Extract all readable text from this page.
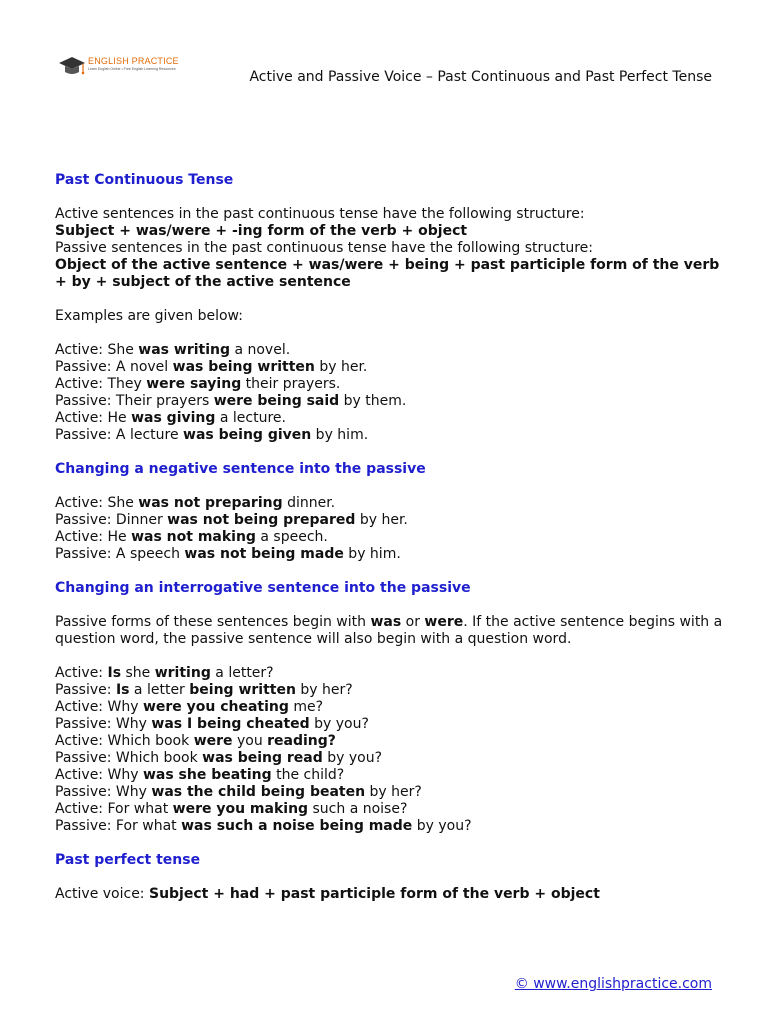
ENGLISH PRACTICE
Learn English Online • Free English Learning Resources	Active and Passive Voice – Past Continuous and Past Perfect Tense

Past Continuous Tense

Active sentences in the past continuous tense have the following structure:

Subject + was/were + -ing form of the verb + object

Passive sentences in the past continuous tense have the following structure:

Object of the active sentence + was/were + being + past participle form of the verb + by + subject of the active sentence

Examples are given below:

Active: She was writing a novel.

Passive: A novel was being written by her.

Active: They were saying their prayers.

Passive: Their prayers were being said by them.

Active: He was giving a lecture.

Passive: A lecture was being given by him.

Changing a negative sentence into the passive

Active: She was not preparing dinner.

Passive: Dinner was not being prepared by her.

Active: He was not making a speech.

Passive: A speech was not being made by him.

Changing an interrogative sentence into the passive

Passive forms of these sentences begin with was or were. If the active sentence begins with a question word, the passive sentence will also begin with a question word.

Active: Is she writing a letter?

Passive: Is a letter being written by her?

Active: Why were you cheating me?

Passive: Why was I being cheated by you?

Active: Which book were you reading?

Passive: Which book was being read by you?

Active: Why was she beating the child?

Passive: Why was the child being beaten by her?

Active: For what were you making such a noise?

Passive: For what was such a noise being made by you?

Past perfect tense

Active voice: Subject + had + past participle form of the verb + object

© www.englishpractice.com
